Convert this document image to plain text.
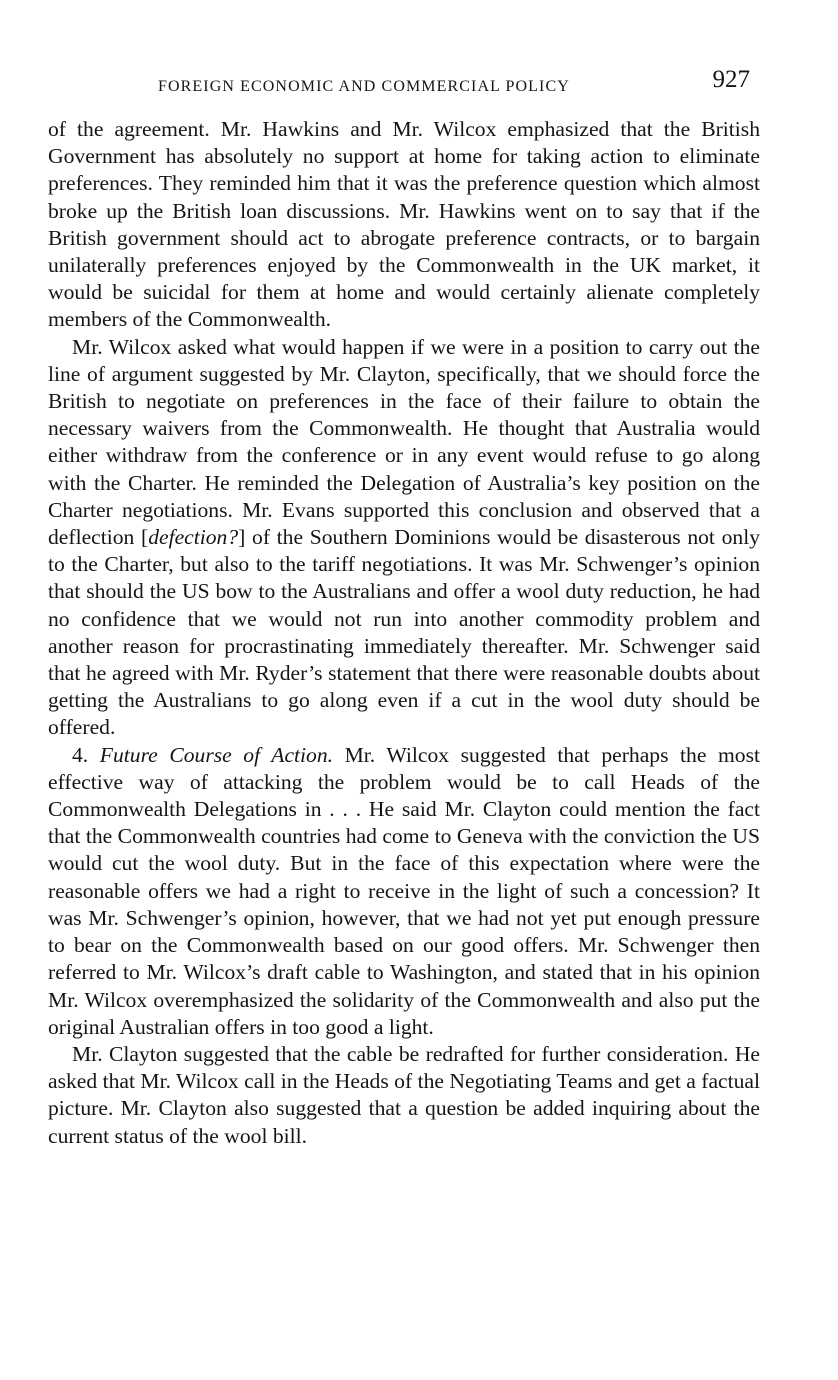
FOREIGN ECONOMIC AND COMMERCIAL POLICY	927

of the agreement. Mr. Hawkins and Mr. Wilcox emphasized that the British Government has absolutely no support at home for taking action to eliminate preferences. They reminded him that it was the preference question which almost broke up the British loan discussions. Mr. Hawkins went on to say that if the British government should act to abrogate preference contracts, or to bargain unilaterally preferences enjoyed by the Commonwealth in the UK market, it would be suicidal for them at home and would certainly alienate completely members of the Commonwealth.

Mr. Wilcox asked what would happen if we were in a position to carry out the line of argument suggested by Mr. Clayton, specifically, that we should force the British to negotiate on preferences in the face of their failure to obtain the necessary waivers from the Commonwealth. He thought that Australia would either withdraw from the conference or in any event would refuse to go along with the Charter. He reminded the Delegation of Australia’s key position on the Charter negotiations. Mr. Evans supported this conclusion and observed that a deflection [defection?] of the Southern Dominions would be disasterous not only to the Charter, but also to the tariff negotiations. It was Mr. Schwenger’s opinion that should the US bow to the Australians and offer a wool duty reduction, he had no confidence that we would not run into another commodity problem and another reason for procrastinating immediately thereafter. Mr. Schwenger said that he agreed with Mr. Ryder’s statement that there were reasonable doubts about getting the Australians to go along even if a cut in the wool duty should be offered.

4. Future Course of Action. Mr. Wilcox suggested that perhaps the most effective way of attacking the problem would be to call Heads of the Commonwealth Delegations in . . . He said Mr. Clayton could mention the fact that the Commonwealth countries had come to Geneva with the conviction the US would cut the wool duty. But in the face of this expectation where were the reasonable offers we had a right to receive in the light of such a concession? It was Mr. Schwenger’s opinion, however, that we had not yet put enough pressure to bear on the Commonwealth based on our good offers. Mr. Schwenger then referred to Mr. Wilcox’s draft cable to Washington, and stated that in his opinion Mr. Wilcox overemphasized the solidarity of the Commonwealth and also put the original Australian offers in too good a light.

Mr. Clayton suggested that the cable be redrafted for further consideration. He asked that Mr. Wilcox call in the Heads of the Negotiating Teams and get a factual picture. Mr. Clayton also suggested that a question be added inquiring about the current status of the wool bill.
